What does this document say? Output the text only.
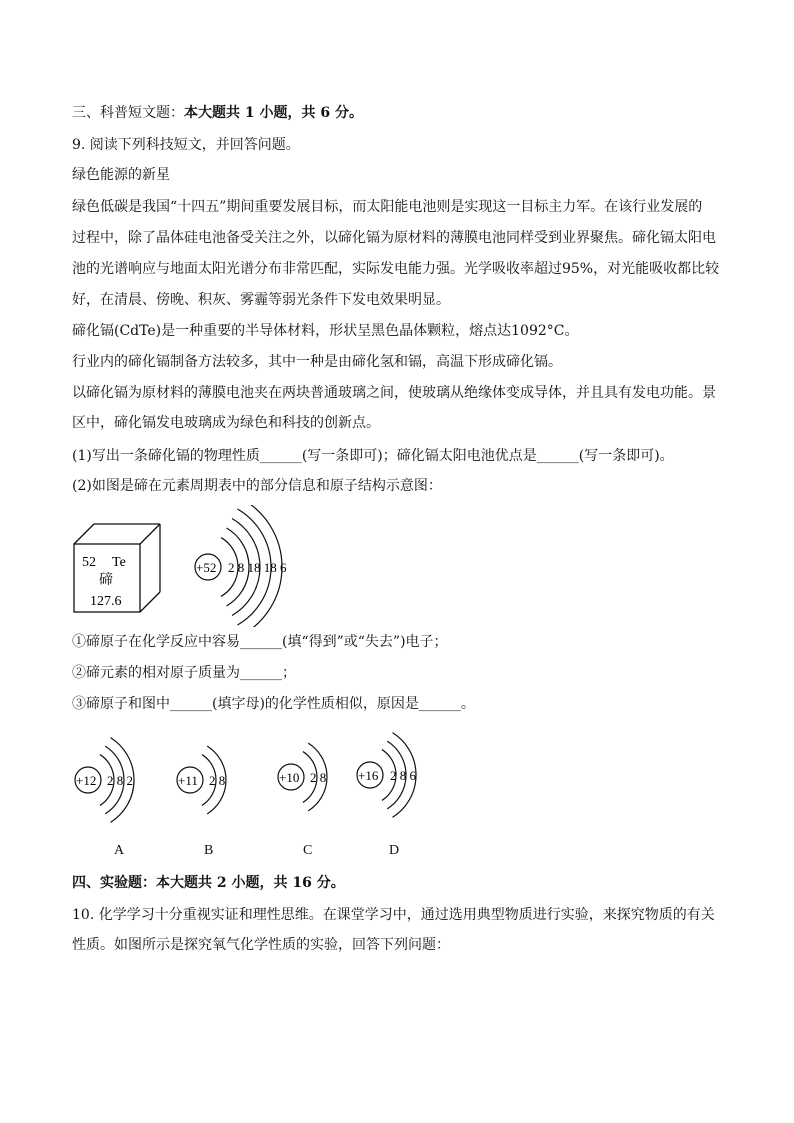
三、科普短文题：本大题共 1 小题，共 6 分。
9. 阅读下列科技短文，并回答问题。
绿色能源的新星
绿色低碳是我国“十四五”期间重要发展目标，而太阳能电池则是实现这一目标主力军。在该行业发展的
过程中，除了晶体硅电池备受关注之外，以碲化镉为原材料的薄膜电池同样受到业界聚焦。碲化镉太阳电
池的光谱响应与地面太阳光谱分布非常匹配，实际发电能力强。光学吸收率超过95%，对光能吸收都比较
好，在清晨、傍晚、积灰、雾霾等弱光条件下发电效果明显。
碲化镉(CdTe)是一种重要的半导体材料，形状呈黑色晶体颗粒，熔点达1092°C。
行业内的碲化镉制备方法较多，其中一种是由碲化氢和镉，高温下形成碲化镉。
以碲化镉为原材料的薄膜电池夹在两块普通玻璃之间，使玻璃从绝缘体变成导体，并且具有发电功能。景
区中，碲化镉发电玻璃成为绿色和科技的创新点。
(1)写出一条碲化镉的物理性质______(写一条即可)；碲化镉太阳电池优点是______(写一条即可)。
(2)如图是碲在元素周期表中的部分信息和原子结构示意图：
52 Te
碲
127.6
+52 2 8 18 18 6
①碲原子在化学反应中容易______(填“得到”或“失去”)电子；
②碲元素的相对原子质量为______；
③碲原子和图中______(填字母)的化学性质相似，原因是______。
+12 2 8 2	+11 2 8	+10 2 8 +16 2 8 6
A	B	C	D
四、实验题：本大题共 2 小题，共 16 分。
10. 化学学习十分重视实证和理性思维。在课堂学习中，通过选用典型物质进行实验，来探究物质的有关
性质。如图所示是探究氧气化学性质的实验，回答下列问题：
